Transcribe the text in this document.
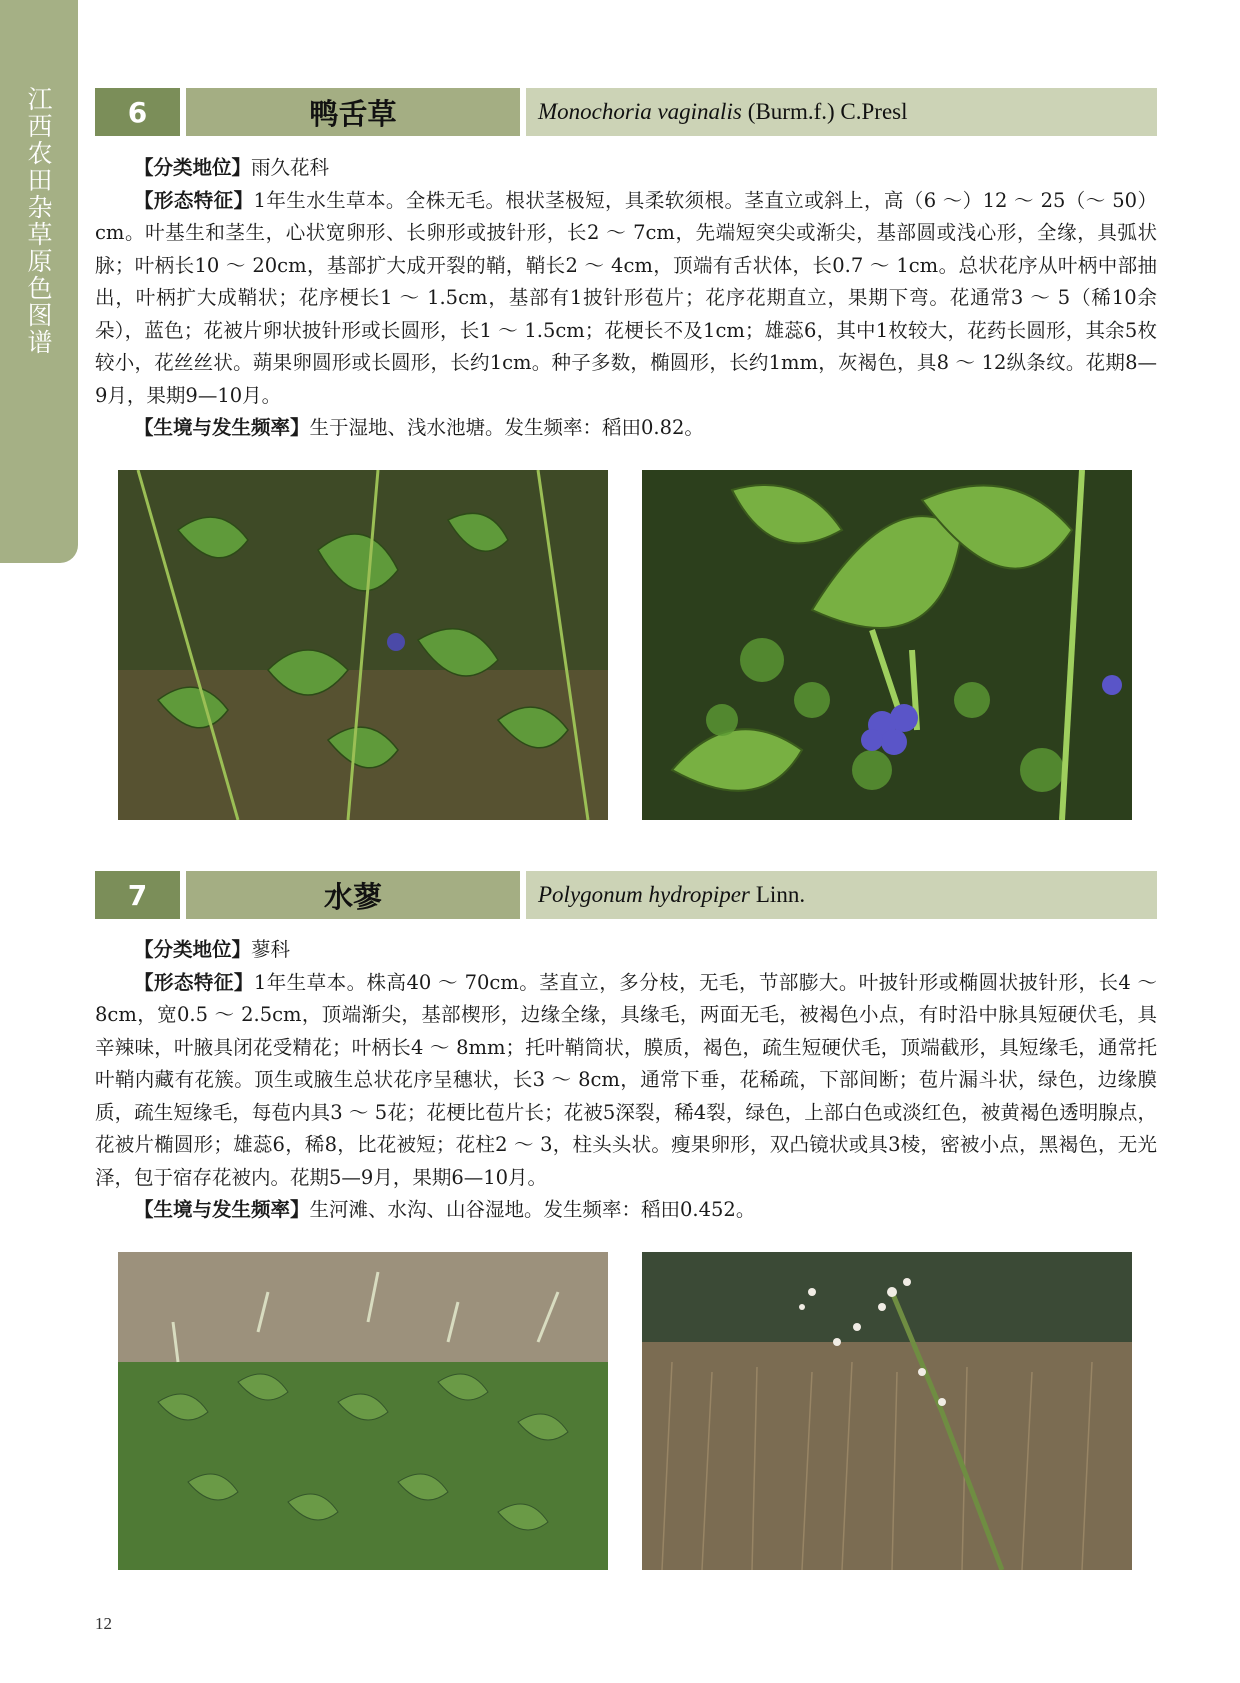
江西农田杂草原色图谱	6	鸭舌草	Monochoria vaginalis (Burm.f.) C.Presl

【分类地位】雨久花科

【形态特征】1年生水生草本。全株无毛。根状茎极短，具柔软须根。茎直立或斜上，高（6 ～）12 ～ 25（～ 50）cm。叶基生和茎生，心状宽卵形、长卵形或披针形，长2 ～ 7cm，先端短突尖或渐尖，基部圆或浅心形，全缘，具弧状脉；叶柄长10 ～ 20cm，基部扩大成开裂的鞘，鞘长2 ～ 4cm，顶端有舌状体，长0.7 ～ 1cm。总状花序从叶柄中部抽出，叶柄扩大成鞘状；花序梗长1 ～ 1.5cm，基部有1披针形苞片；花序花期直立，果期下弯。花通常3 ～ 5（稀10余朵），蓝色；花被片卵状披针形或长圆形，长1 ～ 1.5cm；花梗长不及1cm；雄蕊6，其中1枚较大，花药长圆形，其余5枚较小，花丝丝状。蒴果卵圆形或长圆形，长约1cm。种子多数，椭圆形，长约1mm，灰褐色，具8 ～ 12纵条纹。花期8—9月，果期9—10月。

【生境与发生频率】生于湿地、浅水池塘。发生频率：稻田0.82。

7	水蓼	Polygonum hydropiper Linn.

【分类地位】蓼科

【形态特征】1年生草本。株高40 ～ 70cm。茎直立，多分枝，无毛，节部膨大。叶披针形或椭圆状披针形，长4 ～ 8cm，宽0.5 ～ 2.5cm，顶端渐尖，基部楔形，边缘全缘，具缘毛，两面无毛，被褐色小点，有时沿中脉具短硬伏毛，具辛辣味，叶腋具闭花受精花；叶柄长4 ～ 8mm；托叶鞘筒状，膜质，褐色，疏生短硬伏毛，顶端截形，具短缘毛，通常托叶鞘内藏有花簇。顶生或腋生总状花序呈穗状，长3 ～ 8cm，通常下垂，花稀疏，下部间断；苞片漏斗状，绿色，边缘膜质，疏生短缘毛，每苞内具3 ～ 5花；花梗比苞片长；花被5深裂，稀4裂，绿色，上部白色或淡红色，被黄褐色透明腺点，花被片椭圆形；雄蕊6，稀8，比花被短；花柱2 ～ 3，柱头头状。瘦果卵形，双凸镜状或具3棱，密被小点，黑褐色，无光泽，包于宿存花被内。花期5—9月，果期6—10月。

【生境与发生频率】生河滩、水沟、山谷湿地。发生频率：稻田0.452。

12
